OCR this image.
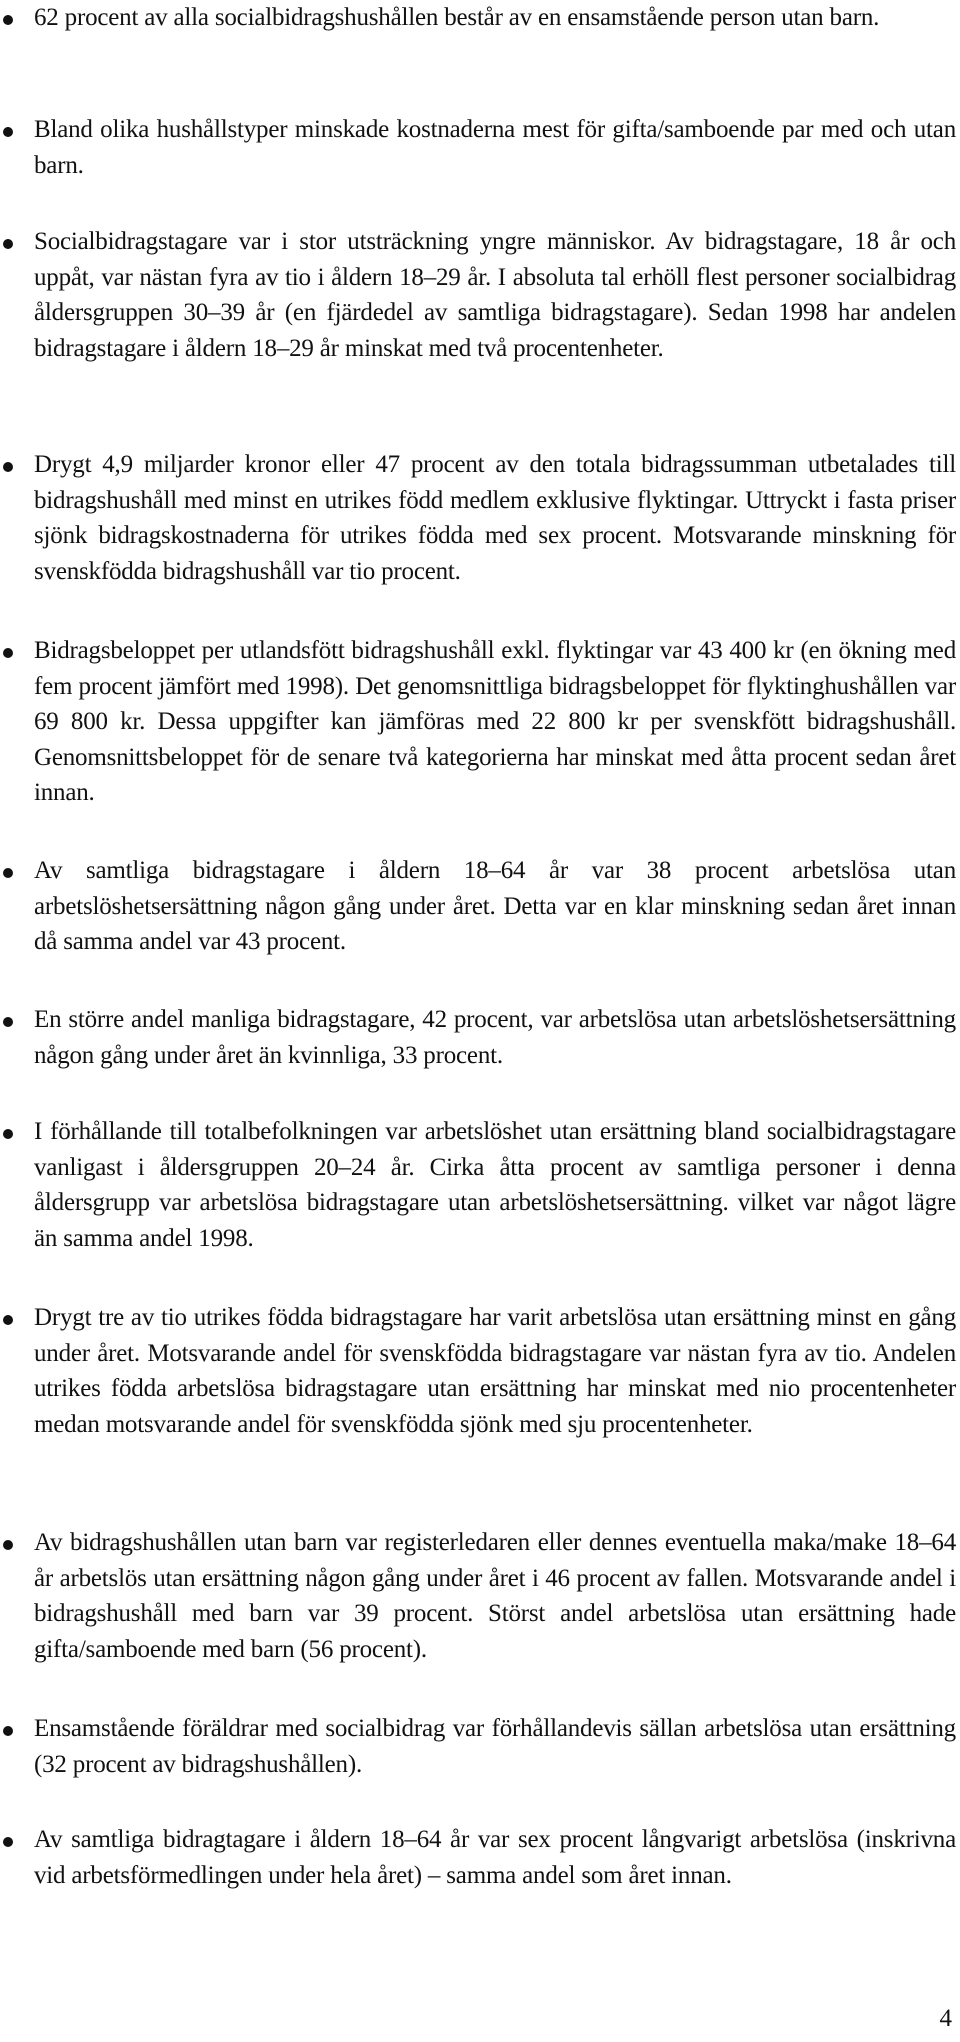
62 procent av alla socialbidragshushållen består av en ensamstående person utan barn.
Bland olika hushållstyper minskade kostnaderna mest för gifta/samboende par med och utan barn.
Socialbidragstagare var i stor utsträckning yngre människor. Av bidragstagare, 18 år och uppåt, var nästan fyra av tio i åldern 18–29 år. I absoluta tal erhöll flest personer socialbidrag åldersgruppen 30–39 år (en fjärdedel av samtliga bidragstagare). Sedan 1998 har andelen bidragstagare i åldern 18–29 år minskat med två procentenheter.
Drygt 4,9 miljarder kronor eller 47 procent av den totala bidragssumman utbetalades till bidragshushåll med minst en utrikes född medlem exklusive flyktingar. Uttryckt i fasta priser sjönk bidragskostnaderna för utrikes födda med sex procent. Motsvarande minskning för svenskfödda bidragshushåll var tio procent.
Bidragsbeloppet per utlandsfött bidragshushåll exkl. flyktingar var 43 400 kr (en ökning med fem procent jämfört med 1998). Det genomsnittliga bidragsbeloppet för flyktinghushållen var 69 800 kr. Dessa uppgifter kan jämföras med 22 800 kr per svenskfött bidragshushåll. Genomsnittsbeloppet för de senare två kategorierna har minskat med åtta procent sedan året innan.
Av samtliga bidragstagare i åldern 18–64 år var 38 procent arbetslösa utan arbetslöshetsersättning någon gång under året. Detta var en klar minskning sedan året innan då samma andel var 43 procent.
En större andel manliga bidragstagare, 42 procent, var arbetslösa utan arbetslöshetsersättning någon gång under året än kvinnliga, 33 procent.
I förhållande till totalbefolkningen var arbetslöshet utan ersättning bland socialbidragstagare vanligast i åldersgruppen 20–24 år. Cirka åtta procent av samtliga personer i denna åldersgrupp var arbetslösa bidragstagare utan arbetslöshetsersättning. vilket var något lägre än samma andel 1998.
Drygt tre av tio utrikes födda bidragstagare har varit arbetslösa utan ersättning minst en gång under året. Motsvarande andel för svenskfödda bidragstagare var nästan fyra av tio. Andelen utrikes födda arbetslösa bidragstagare utan ersättning har minskat med nio procentenheter medan motsvarande andel för svenskfödda sjönk med sju procentenheter.
Av bidragshushållen utan barn var registerledaren eller dennes eventuella maka/make 18–64 år arbetslös utan ersättning någon gång under året i 46 procent av fallen. Motsvarande andel i bidragshushåll med barn var 39 procent. Störst andel arbetslösa utan ersättning hade gifta/samboende med barn (56 procent).
Ensamstående föräldrar med socialbidrag var förhållandevis sällan arbetslösa utan ersättning (32 procent av bidragshushållen).
Av samtliga bidragtagare i åldern 18–64 år var sex procent långvarigt arbetslösa (inskrivna vid arbetsförmedlingen under hela året) – samma andel som året innan.
4
